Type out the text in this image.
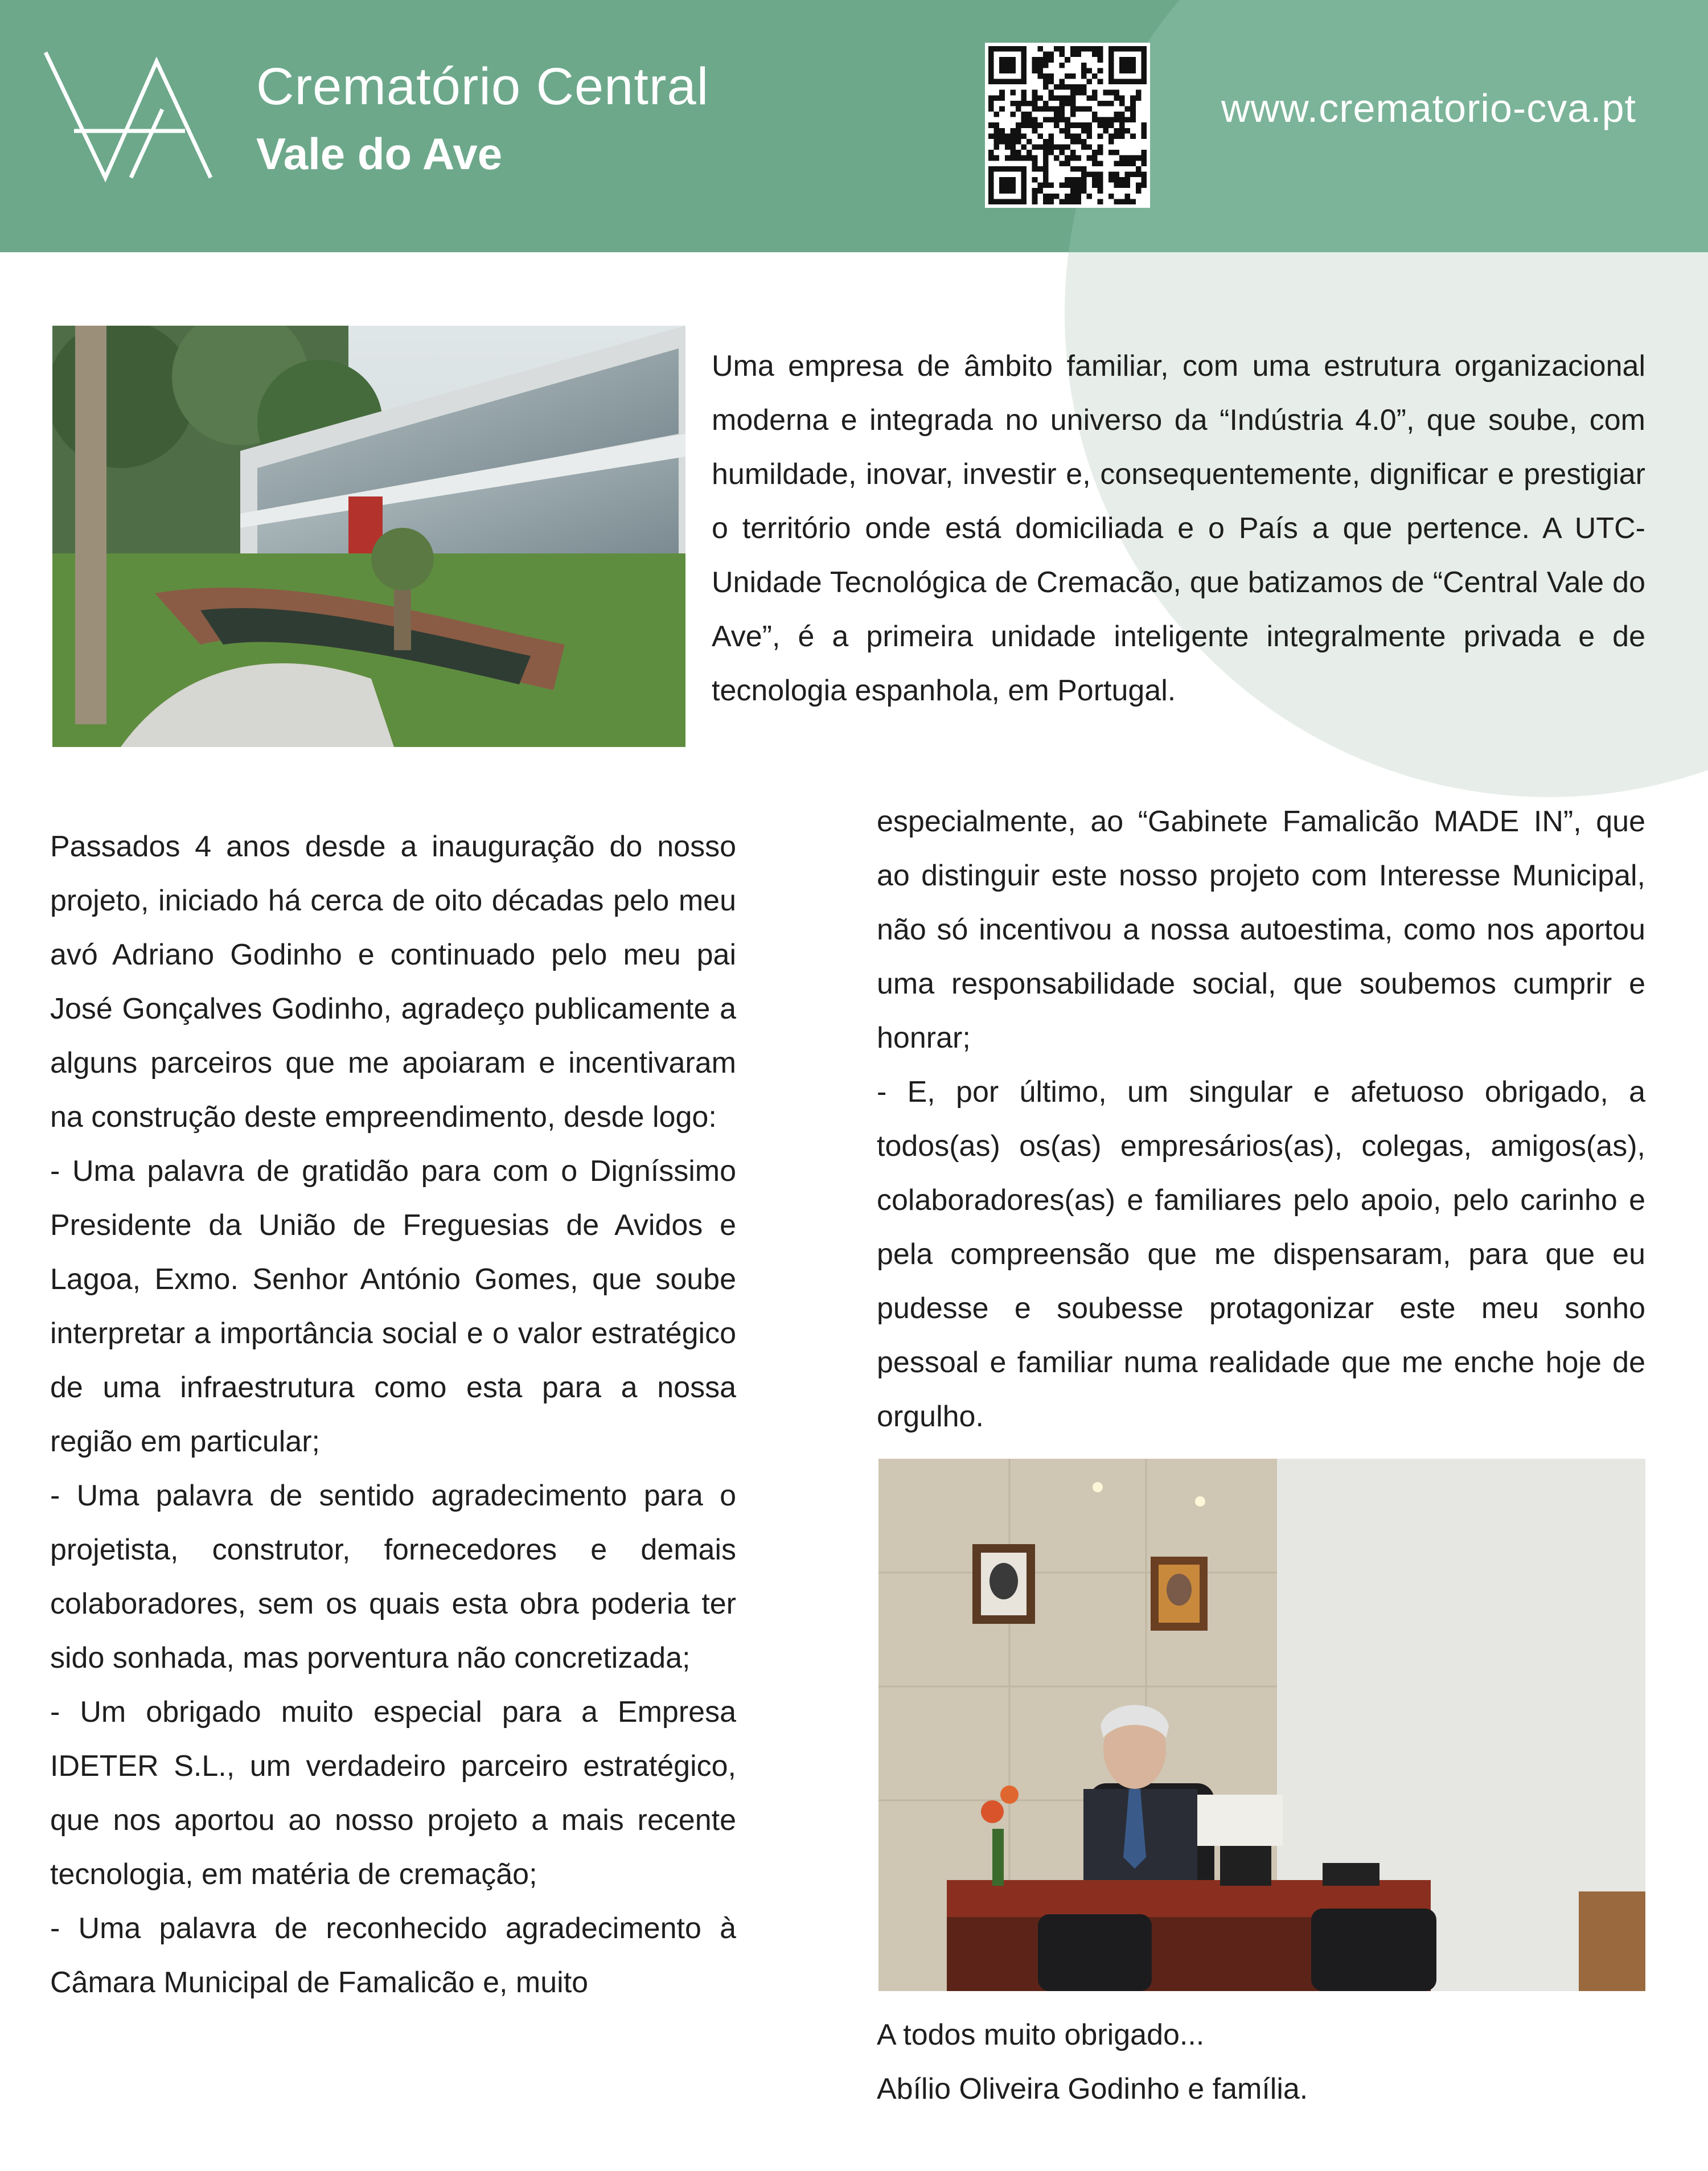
Crematório Central
Vale do Ave
www.crematorio-cva.pt

Uma empresa de âmbito familiar, com uma estrutura organizacional moderna e integrada no universo da “Indústria 4.0”, que soube, com humildade, inovar, investir e, consequentemente, dignificar e prestigiar o território onde está domiciliada e o País a que pertence. A UTC-Unidade Tecnológica de Cremacão, que batizamos de “Central Vale do Ave”, é a primeira unidade inteligente integralmente privada e de tecnologia espanhola, em Portugal.

Passados 4 anos desde a inauguração do nosso projeto, iniciado há cerca de oito décadas pelo meu avó Adriano Godinho e continuado pelo meu pai José Gonçalves Godinho, agradeço publicamente a alguns parceiros que me apoiaram e incentivaram na construção deste empreendimento, desde logo:

- Uma palavra de gratidão para com o Digníssimo Presidente da União de Freguesias de Avidos e Lagoa, Exmo. Senhor António Gomes, que soube interpretar a importância social e o valor estratégico de uma infraestrutura como esta para a nossa região em particular;

- Uma palavra de sentido agradecimento para o projetista, construtor, fornecedores e demais colaboradores, sem os quais esta obra poderia ter sido sonhada, mas porventura não concretizada;

- Um obrigado muito especial para a Empresa IDETER S.L., um verdadeiro parceiro estratégico, que nos aportou ao nosso projeto a mais recente tecnologia, em matéria de cremação;

- Uma palavra de reconhecido agradecimento à Câmara Municipal de Famalicão e, muito

especialmente, ao “Gabinete Famalicão MADE IN”, que ao distinguir este nosso projeto com Interesse Municipal, não só incentivou a nossa autoestima, como nos aportou uma responsabilidade social, que soubemos cumprir e honrar;

- E, por último, um singular e afetuoso obrigado, a todos(as) os(as) empresários(as), colegas, amigos(as), colaboradores(as) e familiares pelo apoio, pelo carinho e pela compreensão que me dispensaram, para que eu pudesse e soubesse protagonizar este meu sonho pessoal e familiar numa realidade que me enche hoje de orgulho.

A todos muito obrigado...

Abílio Oliveira Godinho e família.
